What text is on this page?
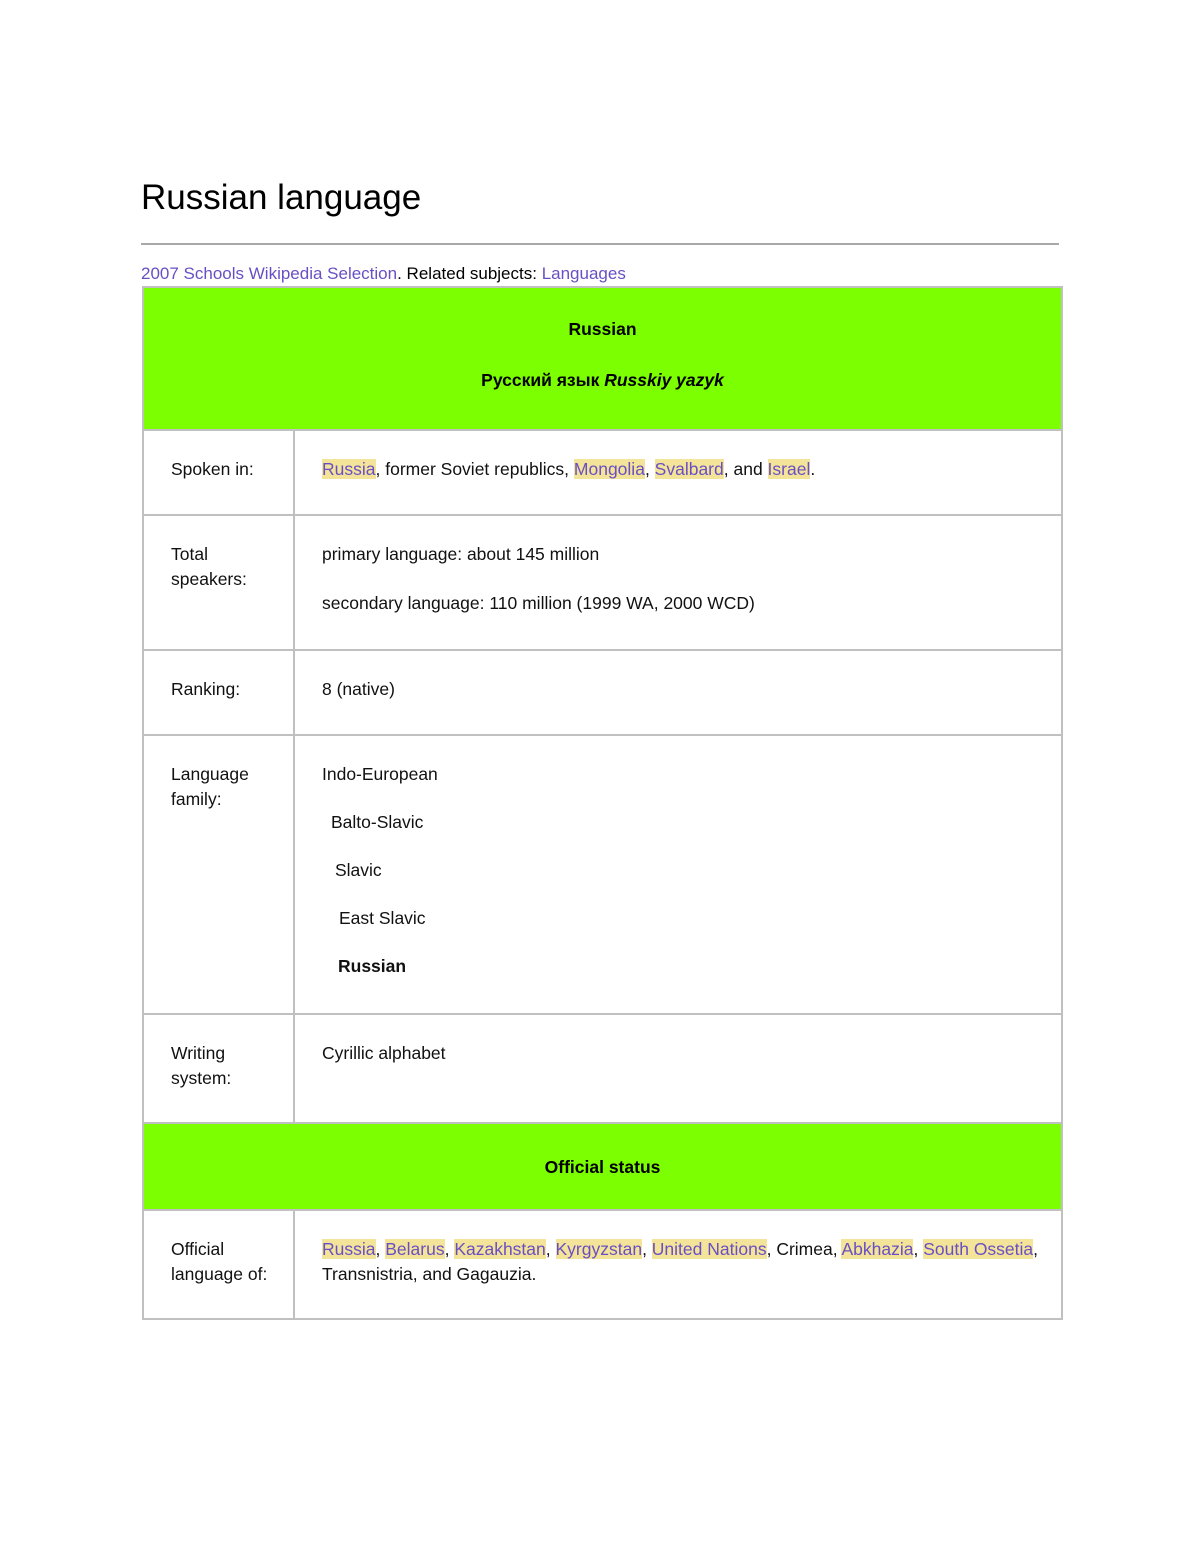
Russian language
2007 Schools Wikipedia Selection. Related subjects: Languages
Russian
Русский язык Russkiy yazyk	

Spoken in:	Russia, former Soviet republics, Mongolia, Svalbard, and Israel.
Total speakers:	primary language: about 145 million
secondary language: 110 million (1999 WA, 2000 WCD)

Ranking:	8 (native)
Language family:	Indo-European
Balto-Slavic
Slavic
East Slavic
Russian

Writing system:	Cyrillic alphabet
Official status	
Official language of:	Russia, Belarus, Kazakhstan, Kyrgyzstan, United Nations, Crimea, Abkhazia, South Ossetia, Transnistria, and Gagauzia.
